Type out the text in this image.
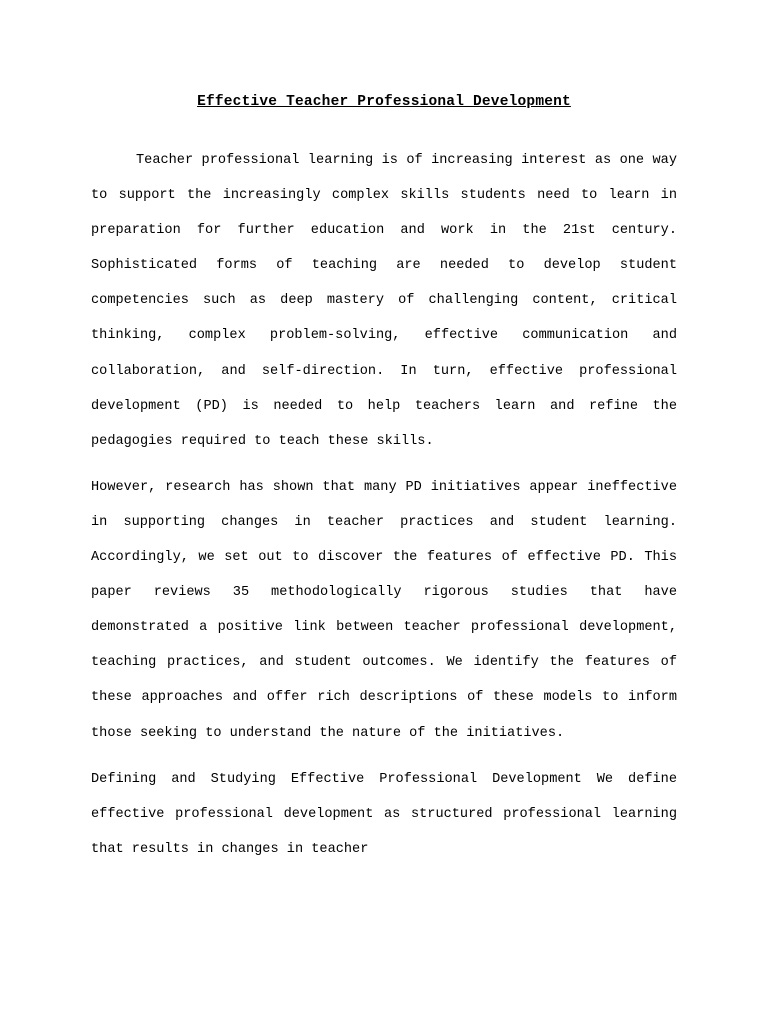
Effective Teacher Professional Development

Teacher professional learning is of increasing interest as one way to support the increasingly complex skills students need to learn in preparation for further education and work in the 21st century. Sophisticated forms of teaching are needed to develop student competencies such as deep mastery of challenging content, critical thinking, complex problem-solving, effective communication and collaboration, and self-direction. In turn, effective professional development (PD) is needed to help teachers learn and refine the pedagogies required to teach these skills.

However, research has shown that many PD initiatives appear ineffective in supporting changes in teacher practices and student learning. Accordingly, we set out to discover the features of effective PD. This paper reviews 35 methodologically rigorous studies that have demonstrated a positive link between teacher professional development, teaching practices, and student outcomes. We identify the features of these approaches and offer rich descriptions of these models to inform those seeking to understand the nature of the initiatives.

Defining and Studying Effective Professional Development We define effective professional development as structured professional learning that results in changes in teacher
